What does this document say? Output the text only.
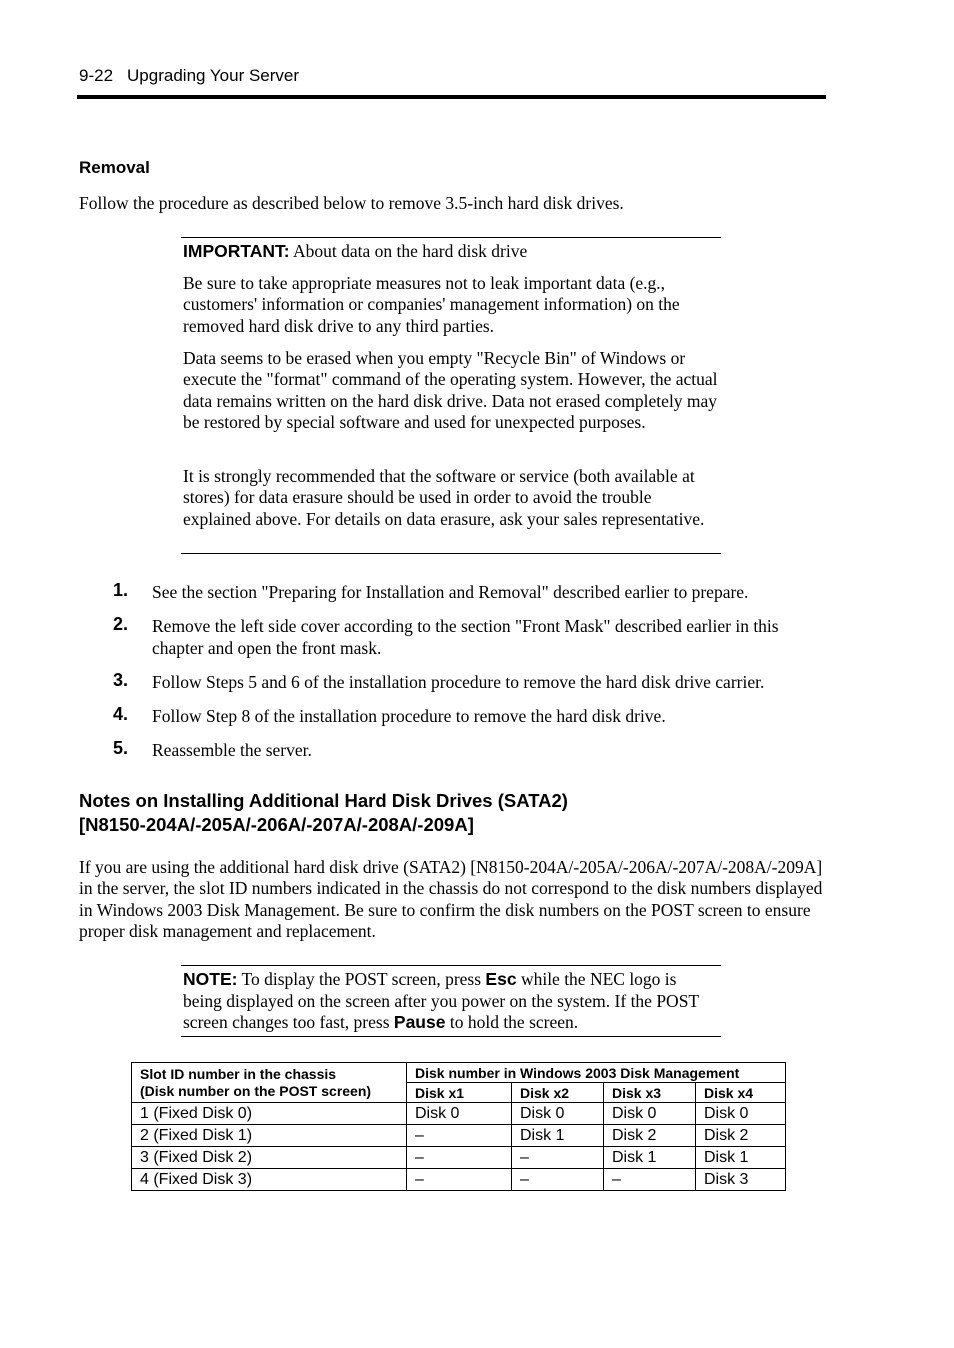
9-22 Upgrading Your Server
Removal
Follow the procedure as described below to remove 3.5-inch hard disk drives.
IMPORTANT: About data on the hard disk drive
Be sure to take appropriate measures not to leak important data (e.g., customers' information or companies' management information) on the removed hard disk drive to any third parties.
Data seems to be erased when you empty "Recycle Bin" of Windows or execute the "format" command of the operating system. However, the actual data remains written on the hard disk drive. Data not erased completely may be restored by special software and used for unexpected purposes.
It is strongly recommended that the software or service (both available at stores) for data erasure should be used in order to avoid the trouble explained above. For details on data erasure, ask your sales representative.
1. See the section "Preparing for Installation and Removal" described earlier to prepare.
2. Remove the left side cover according to the section "Front Mask" described earlier in this chapter and open the front mask.
3. Follow Steps 5 and 6 of the installation procedure to remove the hard disk drive carrier.
4. Follow Step 8 of the installation procedure to remove the hard disk drive.
5. Reassemble the server.
Notes on Installing Additional Hard Disk Drives (SATA2)
[N8150-204A/-205A/-206A/-207A/-208A/-209A]
If you are using the additional hard disk drive (SATA2) [N8150-204A/-205A/-206A/-207A/-208A/-209A] in the server, the slot ID numbers indicated in the chassis do not correspond to the disk numbers displayed in Windows 2003 Disk Management. Be sure to confirm the disk numbers on the POST screen to ensure proper disk management and replacement.
NOTE: To display the POST screen, press Esc while the NEC logo is being displayed on the screen after you power on the system. If the POST screen changes too fast, press Pause to hold the screen.
Slot ID number in the chassis
(Disk number on the POST screen)	Disk number in Windows 2003 Disk Management			
	Disk x1	Disk x2	Disk x3	Disk x4
1 (Fixed Disk 0)	Disk 0	Disk 0	Disk 0	Disk 0
2 (Fixed Disk 1)	–	Disk 1	Disk 2	Disk 2
3 (Fixed Disk 2)	–	–	Disk 1	Disk 1
4 (Fixed Disk 3)	–	–	–	Disk 3
